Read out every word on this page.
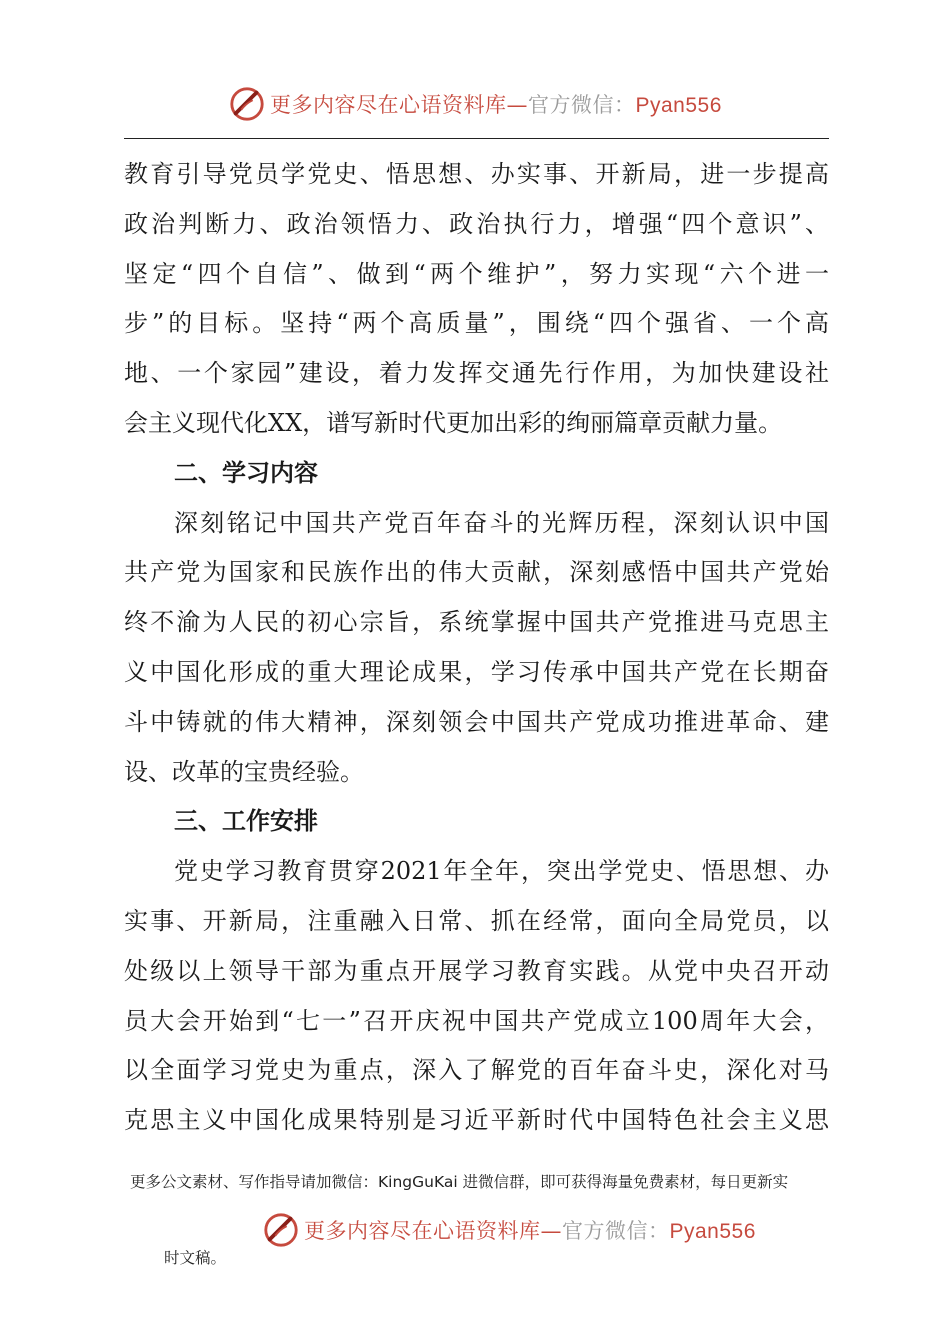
更多内容尽在心语资料库—官方微信：Pyan556
教育引导党员学党史、悟思想、办实事、开新局，进一步提高
政治判断力、政治领悟力、政治执行力，增强“四个意识”、
坚定“四个自信”、做到“两个维护”，努力实现“六个进一
步”的目标。坚持“两个高质量”，围绕“四个强省、一个高
地、一个家园”建设，着力发挥交通先行作用，为加快建设社
会主义现代化XX，谱写新时代更加出彩的绚丽篇章贡献力量。
二、学习内容
深刻铭记中国共产党百年奋斗的光辉历程，深刻认识中国
共产党为国家和民族作出的伟大贡献，深刻感悟中国共产党始
终不渝为人民的初心宗旨，系统掌握中国共产党推进马克思主
义中国化形成的重大理论成果，学习传承中国共产党在长期奋
斗中铸就的伟大精神，深刻领会中国共产党成功推进革命、建
设、改革的宝贵经验。
三、工作安排
党史学习教育贯穿2021年全年，突出学党史、悟思想、办
实事、开新局，注重融入日常、抓在经常，面向全局党员，以
处级以上领导干部为重点开展学习教育实践。从党中央召开动
员大会开始到“七一”召开庆祝中国共产党成立100周年大会，
以全面学习党史为重点，深入了解党的百年奋斗史，深化对马
克思主义中国化成果特别是习近平新时代中国特色社会主义思
更多公文素材、写作指导请加微信：KingGuKai 进微信群，即可获得海量免费素材，每日更新实
更多内容尽在心语资料库—官方微信：Pyan556
时文稿。
